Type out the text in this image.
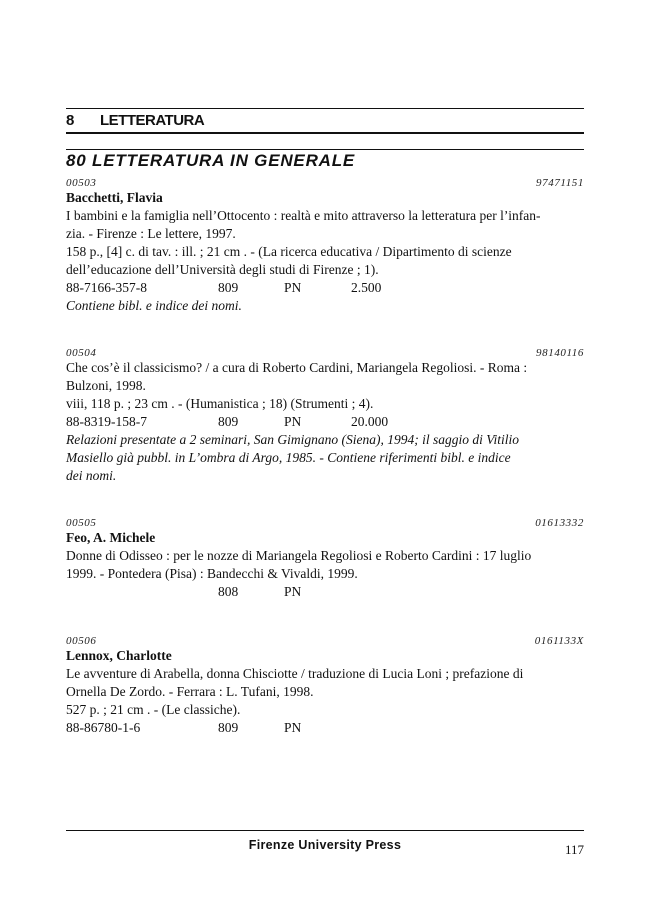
8 LETTERATURA
80 LETTERATURA IN GENERALE
00503	97471151
Bacchetti, Flavia
I bambini e la famiglia nell’Ottocento : realtà e mito attraverso la letteratura per l’infan-
zia. - Firenze : Le lettere, 1997.
158 p., [4] c. di tav. : ill. ; 21 cm . - (La ricerca educativa / Dipartimento di scienze
dell’educazione dell’Università degli studi di Firenze ; 1).
88-7166-357-8	809	PN	2.500
Contiene bibl. e indice dei nomi.
00504	98140116
Che cos’è il classicismo? / a cura di Roberto Cardini, Mariangela Regoliosi. - Roma :
Bulzoni, 1998.
viii, 118 p. ; 23 cm . - (Humanistica ; 18) (Strumenti ; 4).
88-8319-158-7	809	PN	20.000
Relazioni presentate a 2 seminari, San Gimignano (Siena), 1994; il saggio di Vitilio
Masiello già pubbl. in L’ombra di Argo, 1985. - Contiene riferimenti bibl. e indice
dei nomi.
00505	01613332
Feo, A. Michele
Donne di Odisseo : per le nozze di Mariangela Regoliosi e Roberto Cardini : 17 luglio
1999. - Pontedera (Pisa) : Bandecchi & Vivaldi, 1999.
808	PN
00506	0161133X
Lennox, Charlotte
Le avventure di Arabella, donna Chisciotte / traduzione di Lucia Loni ; prefazione di
Ornella De Zordo. - Ferrara : L. Tufani, 1998.
527 p. ; 21 cm . - (Le classiche).
88-86780-1-6	809	PN
Firenze University Press	117
